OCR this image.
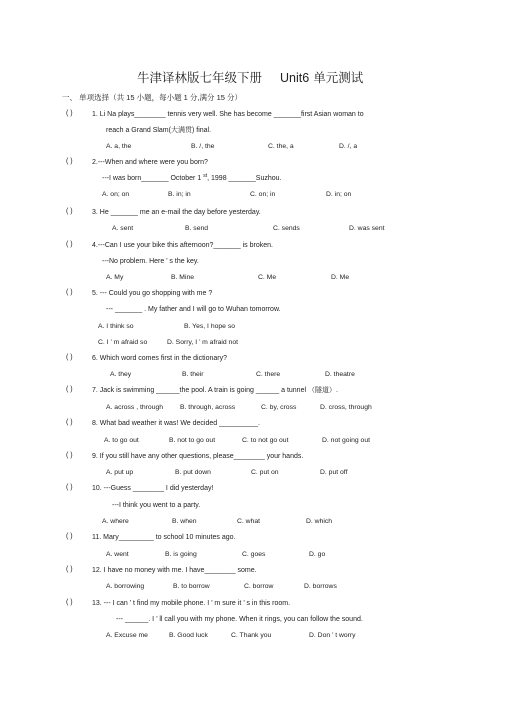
牛津译林版七年级下册 Unit6 单元测试
一、 单项选择（共 15 小题，每小题 1 分,满分 15 分）
( )	1. Li Na plays________ tennis very well. She has become _______first Asian woman to
reach a Grand Slam(大满贯) final.
A. a, the	B. /, the	C. the, a	D. /, a
( )	2.---When and where were you born?
---I was born_______ October 1 $^{st}$, 1998 _______Suzhou.
A. on; on	B. in; in	C. on; in	D. in; on
( )	3. He _______ me an e-mail the day before yesterday.
A. sent	B. send	C. sends	D. was sent
( )	4.---Can I use your bike this afternoon?_______ is broken.
---No problem. Here ’ s the key.
A. My	B. Mine	C. Me	D. Me
( )	5. --- Could you go shopping with me ?
--- _______ . My father and I will go to Wuhan tomorrow.
A. I think so	B. Yes, I hope so
C. I ’ m afraid so	D. Sorry, I ’ m afraid not
( )	6. Which word comes first in the dictionary?
A. they	B. their	C. there	D. theatre
( )	7. Jack is swimming ______the pool. A train is going ______ a tunnel （隧道）.
A. across , through B. through, across	C. by, cross	D. cross, through
( )	8. What bad weather it was! We decided __________.
A. to go out	B. not to go out	C. to not go out	D. not going out
( )	9. If you still have any other questions, please________ your hands.
A. put up	B. put down	C. put on	D. put off
( )	10. ---Guess ________ I did yesterday!
---I think you went to a party.
A. where	B. when	C. what	D. which
( )	11. Mary_________ to school 10 minutes ago.
A. went	B. is going	C. goes	D. go
( )	12. I have no money with me. I have________ some.
A. borrowing	B. to borrow	C. borrow	D. borrows
( )	13. --- I can ’ t find my mobile phone. I ’ m sure it ’ s in this room.
--- ______. I ’ ll call you with my phone. When it rings, you can follow the sound.
A. Excuse me	B. Good luck	C. Thank you	D. Don ’ t worry
